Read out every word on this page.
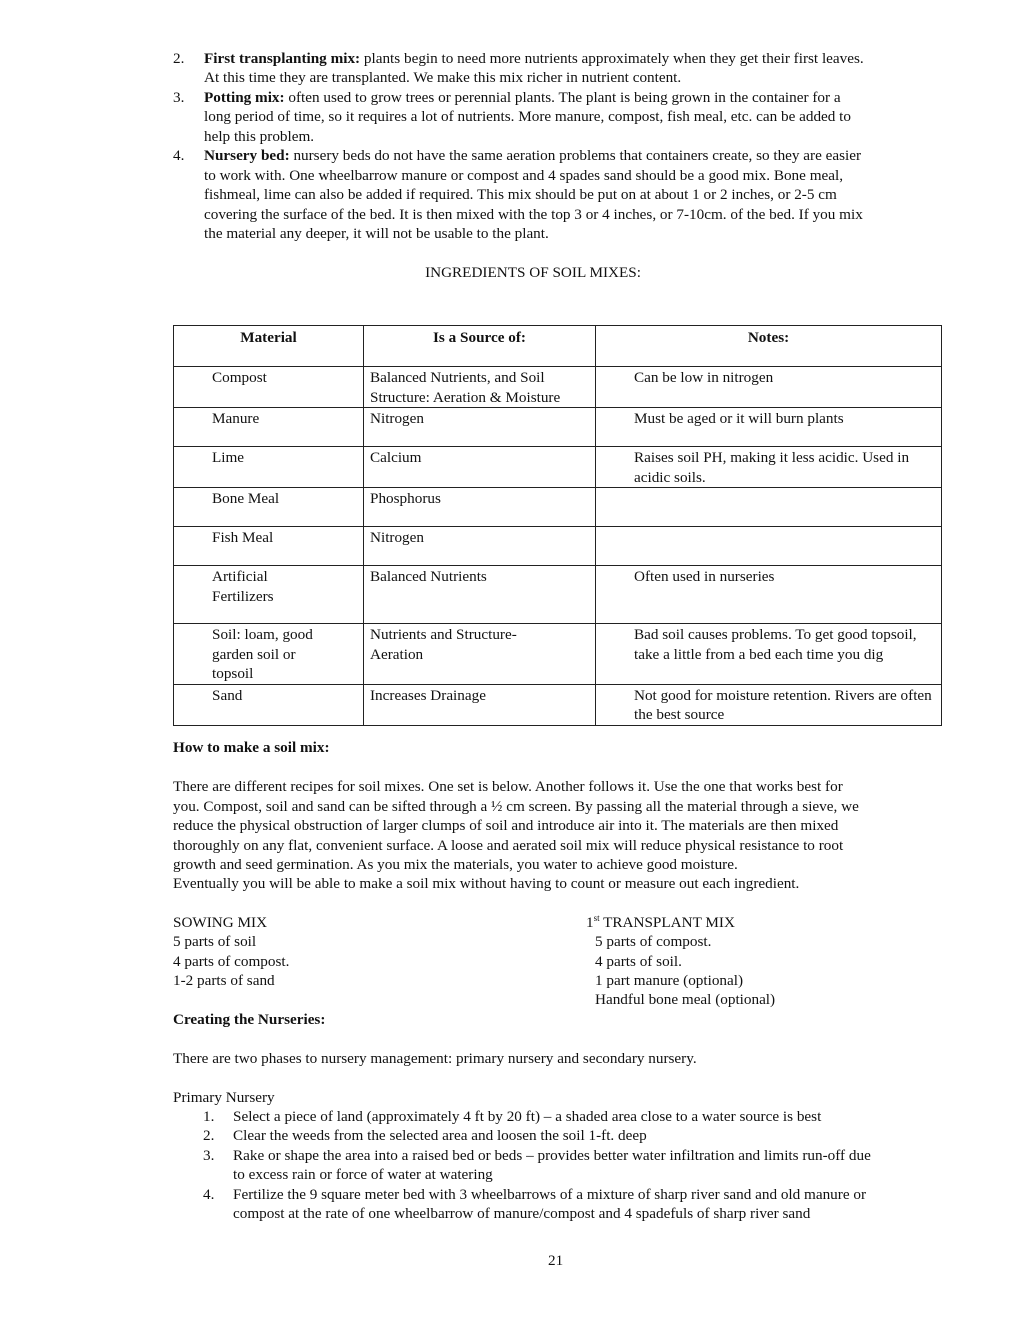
2. First transplanting mix: plants begin to need more nutrients approximately when they get their first leaves.
At this time they are transplanted. We make this mix richer in nutrient content.
3. Potting mix: often used to grow trees or perennial plants. The plant is being grown in the container for a
long period of time, so it requires a lot of nutrients. More manure, compost, fish meal, etc. can be added to
help this problem.
4. Nursery bed: nursery beds do not have the same aeration problems that containers create, so they are easier
to work with. One wheelbarrow manure or compost and 4 spades sand should be a good mix. Bone meal,
fishmeal, lime can also be added if required. This mix should be put on at about 1 or 2 inches, or 2-5 cm
covering the surface of the bed. It is then mixed with the top 3 or 4 inches, or 7-10cm. of the bed. If you mix
the material any deeper, it will not be usable to the plant.
INGREDIENTS OF SOIL MIXES:
Material	Is a Source of:	Notes:
Compost	Balanced Nutrients, and Soil Structure: Aeration & Moisture	Can be low in nitrogen
Manure	Nitrogen	Must be aged or it will burn plants
Lime	Calcium	Raises soil PH, making it less acidic. Used in acidic soils.
Bone Meal	Phosphorus	
Fish Meal	Nitrogen	
Artificial Fertilizers	Balanced Nutrients	Often used in nurseries
Soil: loam, good garden soil or topsoil	Nutrients and Structure-Aeration	Bad soil causes problems. To get good topsoil, take a little from a bed each time you dig
Sand	Increases Drainage	Not good for moisture retention. Rivers are often the best source
How to make a soil mix:
There are different recipes for soil mixes. One set is below. Another follows it. Use the one that works best for
you. Compost, soil and sand can be sifted through a ½ cm screen. By passing all the material through a sieve, we
reduce the physical obstruction of larger clumps of soil and introduce air into it. The materials are then mixed
thoroughly on any flat, convenient surface. A loose and aerated soil mix will reduce physical resistance to root
growth and seed germination. As you mix the materials, you water to achieve good moisture.
Eventually you will be able to make a soil mix without having to count or measure out each ingredient.
SOWING MIX
5 parts of soil
4 parts of compost.
1-2 parts of sand
1st TRANSPLANT MIX
5 parts of compost.
4 parts of soil.
1 part manure (optional)
Handful bone meal (optional)
Creating the Nurseries:
There are two phases to nursery management: primary nursery and secondary nursery.
Primary Nursery
1. Select a piece of land (approximately 4 ft by 20 ft) – a shaded area close to a water source is best
2. Clear the weeds from the selected area and loosen the soil 1-ft. deep
3. Rake or shape the area into a raised bed or beds – provides better water infiltration and limits run-off due
to excess rain or force of water at watering
4. Fertilize the 9 square meter bed with 3 wheelbarrows of a mixture of sharp river sand and old manure or
compost at the rate of one wheelbarrow of manure/compost and 4 spadefuls of sharp river sand
21
